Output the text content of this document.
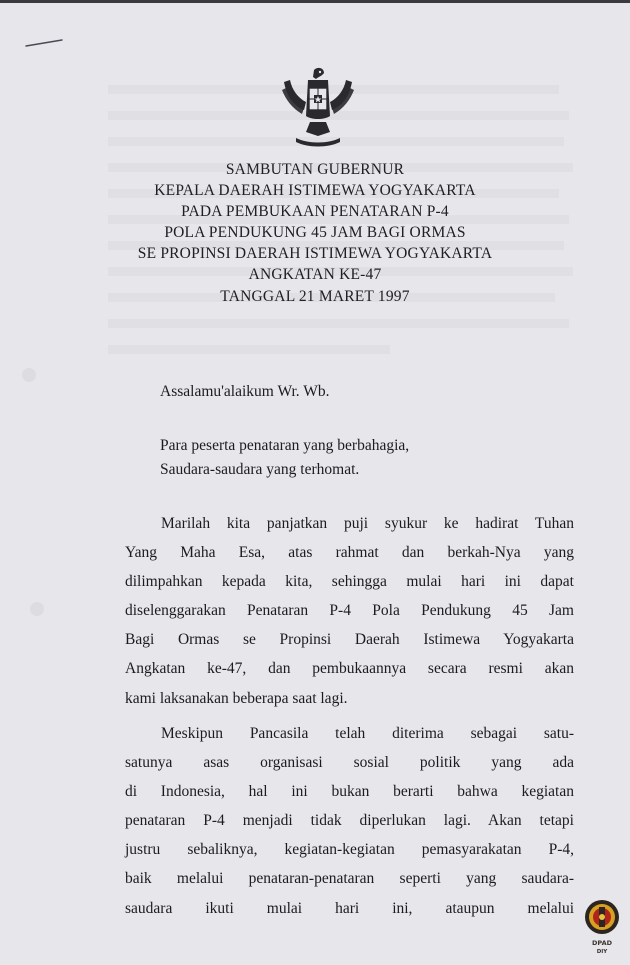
SAMBUTAN GUBERNUR
KEPALA DAERAH ISTIMEWA YOGYAKARTA
PADA PEMBUKAAN PENATARAN P-4
POLA PENDUKUNG 45 JAM BAGI ORMAS
SE PROPINSI DAERAH ISTIMEWA YOGYAKARTA
ANGKATAN KE-47
TANGGAL 21 MARET 1997
Assalamu'alaikum Wr. Wb.
Para peserta penataran yang berbahagia,
Saudara-saudara yang terhomat.
Marilah kita panjatkan puji syukur ke hadirat Tuhan
Yang Maha Esa, atas rahmat dan berkah-Nya yang
dilimpahkan kepada kita, sehingga mulai hari ini dapat
diselenggarakan Penataran P-4 Pola Pendukung 45 Jam
Bagi Ormas se Propinsi Daerah Istimewa Yogyakarta
Angkatan ke-47, dan pembukaannya secara resmi akan
kami laksanakan beberapa saat lagi.
Meskipun Pancasila telah diterima sebagai satu-
satunya asas organisasi sosial politik yang ada
di Indonesia, hal ini bukan berarti bahwa kegiatan
penataran P-4 menjadi tidak diperlukan lagi. Akan tetapi
justru sebaliknya, kegiatan-kegiatan pemasyarakatan P-4,
baik melalui penataran-penataran seperti yang saudara-
saudara ikuti mulai hari ini, ataupun melalui
DPAD
DIY
